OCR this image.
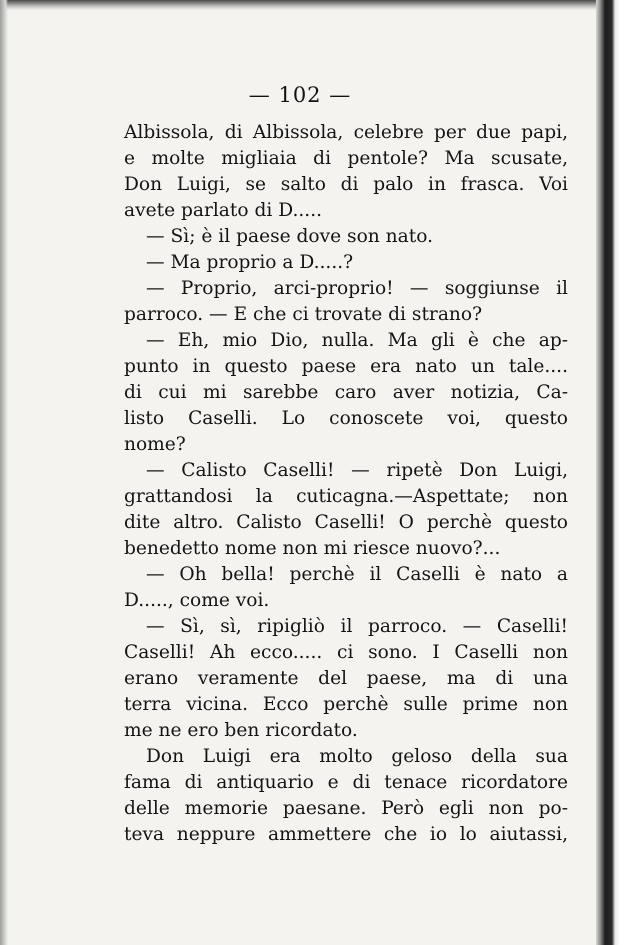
— 102 —
Albissola, di Albissola, celebre per due papi,
e molte migliaia di pentole? Ma scusate,
Don Luigi, se salto di palo in frasca. Voi
avete parlato di D.....
— Sì; è il paese dove son nato.
— Ma proprio a D.....?
— Proprio, arci-proprio! — soggiunse il
parroco. — E che ci trovate di strano?
— Eh, mio Dio, nulla. Ma gli è che ap-
punto in questo paese era nato un tale....
di cui mi sarebbe caro aver notizia, Ca-
listo Caselli. Lo conoscete voi, questo
nome?
— Calisto Caselli! — ripetè Don Luigi,
grattandosi la cuticagna.—Aspettate; non
dite altro. Calisto Caselli! O perchè questo
benedetto nome non mi riesce nuovo?...
— Oh bella! perchè il Caselli è nato a
D....., come voi.
— Sì, sì, ripigliò il parroco. — Caselli!
Caselli! Ah ecco..... ci sono. I Caselli non
erano veramente del paese, ma di una
terra vicina. Ecco perchè sulle prime non
me ne ero ben ricordato.
Don Luigi era molto geloso della sua
fama di antiquario e di tenace ricordatore
delle memorie paesane. Però egli non po-
teva neppure ammettere che io lo aiutassi,
